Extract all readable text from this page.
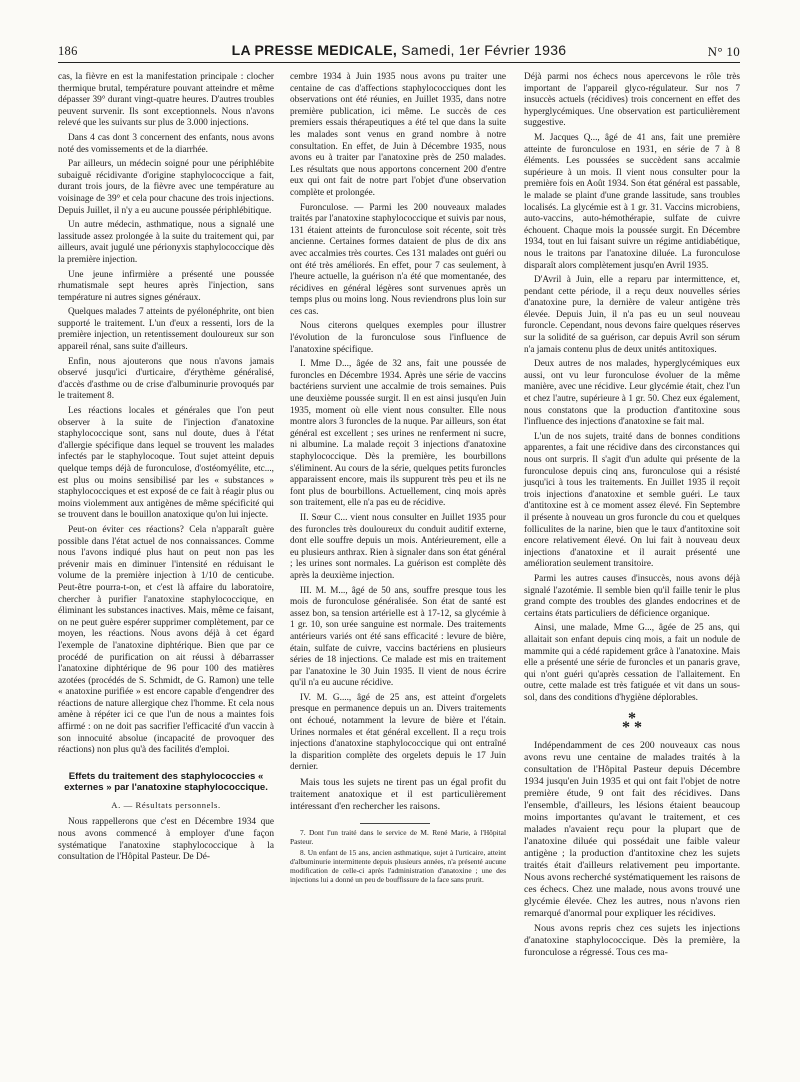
186	LA PRESSE MEDICALE, Samedi, 1er Février 1936	N° 10

cas, la fièvre en est la manifestation principale : clocher thermique brutal, température pouvant atteindre et même dépasser 39° durant vingt-quatre heures. D'autres troubles peuvent survenir. Ils sont exceptionnels. Nous n'avons relevé que les suivants sur plus de 3.000 injections.

Dans 4 cas dont 3 concernent des enfants, nous avons noté des vomissements et de la diarrhée.

Par ailleurs, un médecin soigné pour une périphlébite subaiguë récidivante d'origine staphylococcique a fait, durant trois jours, de la fièvre avec une température au voisinage de 39° et cela pour chacune des trois injections. Depuis Juillet, il n'y a eu aucune poussée périphlébitique.

Un autre médecin, asthmatique, nous a signalé une lassitude assez prolongée à la suite du traitement qui, par ailleurs, avait jugulé une périonyxis staphylococcique dès la première injection.

Une jeune infirmière a présenté une poussée rhumatismale sept heures après l'injection, sans température ni autres signes généraux.

Quelques malades 7 atteints de pyélonéphrite, ont bien supporté le traitement. L'un d'eux a ressenti, lors de la première injection, un retentissement douloureux sur son appareil rénal, sans suite d'ailleurs.

Enfin, nous ajouterons que nous n'avons jamais observé jusqu'ici d'urticaire, d'érythème généralisé, d'accès d'asthme ou de crise d'albuminurie provoqués par le traitement 8.

Les réactions locales et générales que l'on peut observer à la suite de l'injection d'anatoxine staphylococcique sont, sans nul doute, dues à l'état d'allergie spécifique dans lequel se trouvent les malades infectés par le staphylocoque. Tout sujet atteint depuis quelque temps déjà de furonculose, d'ostéomyélite, etc..., est plus ou moins sensibilisé par les « substances » staphylococciques et est exposé de ce fait à réagir plus ou moins violemment aux antigènes de même spécificité qui se trouvent dans le bouillon anatoxique qu'on lui injecte.

Peut-on éviter ces réactions? Cela n'apparaît guère possible dans l'état actuel de nos connaissances. Comme nous l'avons indiqué plus haut on peut non pas les prévenir mais en diminuer l'intensité en réduisant le volume de la première injection à 1/10 de centicube. Peut-être pourra-t-on, et c'est là affaire du laboratoire, chercher à purifier l'anatoxine staphylococcique, en éliminant les substances inactives. Mais, même ce faisant, on ne peut guère espérer supprimer complètement, par ce moyen, les réactions. Nous avons déjà à cet égard l'exemple de l'anatoxine diphtérique. Bien que par ce procédé de purification on ait réussi à débarrasser l'anatoxine diphtérique de 96 pour 100 des matières azotées (procédés de S. Schmidt, de G. Ramon) une telle « anatoxine purifiée » est encore capable d'engendrer des réactions de nature allergique chez l'homme. Et cela nous amène à répéter ici ce que l'un de nous a maintes fois affirmé : on ne doit pas sacrifier l'efficacité d'un vaccin à son innocuité absolue (incapacité de provoquer des réactions) non plus qu'à des facilités d'emploi.

Effets du traitement des staphylococcies « externes » par l'anatoxine staphylococcique.
A. — Résultats personnels.

Nous rappellerons que c'est en Décembre 1934 que nous avons commencé à employer d'une façon systématique l'anatoxine staphylococcique à la consultation de l'Hôpital Pasteur. De Dé-

cembre 1934 à Juin 1935 nous avons pu traiter une centaine de cas d'affections staphylococciques dont les observations ont été réunies, en Juillet 1935, dans notre première publication, ici même. Le succès de ces premiers essais thérapeutiques a été tel que dans la suite les malades sont venus en grand nombre à notre consultation. En effet, de Juin à Décembre 1935, nous avons eu à traiter par l'anatoxine près de 250 malades. Les résultats que nous apportons concernent 200 d'entre eux qui ont fait de notre part l'objet d'une observation complète et prolongée.

Furonculose. — Parmi les 200 nouveaux malades traités par l'anatoxine staphylococcique et suivis par nous, 131 étaient atteints de furonculose soit récente, soit très ancienne. Certaines formes dataient de plus de dix ans avec accalmies très courtes. Ces 131 malades ont guéri ou ont été très améliorés. En effet, pour 7 cas seulement, à l'heure actuelle, la guérison n'a été que momentanée, des récidives en général légères sont survenues après un temps plus ou moins long. Nous reviendrons plus loin sur ces cas.

Nous citerons quelques exemples pour illustrer l'évolution de la furonculose sous l'influence de l'anatoxine spécifique.

I. Mme D..., âgée de 32 ans, fait une poussée de furoncles en Décembre 1934. Après une série de vaccins bactériens survient une accalmie de trois semaines. Puis une deuxième poussée surgit. Il en est ainsi jusqu'en Juin 1935, moment où elle vient nous consulter. Elle nous montre alors 3 furoncles de la nuque. Par ailleurs, son état général est excellent ; ses urines ne renferment ni sucre, ni albumine. La malade reçoit 3 injections d'anatoxine staphylococcique. Dès la première, les bourbillons s'éliminent. Au cours de la série, quelques petits furoncles apparaissent encore, mais ils suppurent très peu et ils ne font plus de bourbillons. Actuellement, cinq mois après son traitement, elle n'a pas eu de récidive.

II. Sœur C... vient nous consulter en Juillet 1935 pour des furoncles très douloureux du conduit auditif externe, dont elle souffre depuis un mois. Antérieurement, elle a eu plusieurs anthrax. Rien à signaler dans son état général ; les urines sont normales. La guérison est complète dès après la deuxième injection.

III. M. M..., âgé de 50 ans, souffre presque tous les mois de furonculose généralisée. Son état de santé est assez bon, sa tension artérielle est à 17-12, sa glycémie à 1 gr. 10, son urée sanguine est normale. Des traitements antérieurs variés ont été sans efficacité : levure de bière, étain, sulfate de cuivre, vaccins bactériens en plusieurs séries de 18 injections. Ce malade est mis en traitement par l'anatoxine le 30 Juin 1935. Il vient de nous écrire qu'il n'a eu aucune récidive.

IV. M. G...., âgé de 25 ans, est atteint d'orgelets presque en permanence depuis un an. Divers traitements ont échoué, notamment la levure de bière et l'étain. Urines normales et état général excellent. Il a reçu trois injections d'anatoxine staphylococcique qui ont entraîné la disparition complète des orgelets depuis le 17 Juin dernier.

Mais tous les sujets ne tirent pas un égal profit du traitement anatoxique et il est particulièrement intéressant d'en rechercher les raisons.

7. Dont l'un traité dans le service de M. René Marie, à l'Hôpital Pasteur.

8. Un enfant de 15 ans, ancien asthmatique, sujet à l'urticaire, atteint d'albuminurie intermittente depuis plusieurs années, n'a présenté aucune modification de celle-ci après l'administration d'anatoxine ; une des injections lui a donné un peu de bouffissure de la face sans prurit.

Déjà parmi nos échecs nous apercevons le rôle très important de l'appareil glyco-régulateur. Sur nos 7 insuccès actuels (récidives) trois concernent en effet des hyperglycémiques. Une observation est particulièrement suggestive.

M. Jacques Q..., âgé de 41 ans, fait une première atteinte de furonculose en 1931, en série de 7 à 8 éléments. Les poussées se succèdent sans accalmie supérieure à un mois. Il vient nous consulter pour la première fois en Août 1934. Son état général est passable, le malade se plaint d'une grande lassitude, sans troubles localisés. La glycémie est à 1 gr. 31. Vaccins microbiens, auto-vaccins, auto-hémothérapie, sulfate de cuivre échouent. Chaque mois la poussée surgit. En Décembre 1934, tout en lui faisant suivre un régime antidiabétique, nous le traitons par l'anatoxine diluée. La furonculose disparaît alors complètement jusqu'en Avril 1935.

D'Avril à Juin, elle a reparu par intermittence, et, pendant cette période, il a reçu deux nouvelles séries d'anatoxine pure, la dernière de valeur antigène très élevée. Depuis Juin, il n'a pas eu un seul nouveau furoncle. Cependant, nous devons faire quelques réserves sur la solidité de sa guérison, car depuis Avril son sérum n'a jamais contenu plus de deux unités antitoxiques.

Deux autres de nos malades, hyperglycémiques eux aussi, ont vu leur furonculose évoluer de la même manière, avec une récidive. Leur glycémie était, chez l'un et chez l'autre, supérieure à 1 gr. 50. Chez eux également, nous constatons que la production d'antitoxine sous l'influence des injections d'anatoxine se fait mal.

L'un de nos sujets, traité dans de bonnes conditions apparentes, a fait une récidive dans des circonstances qui nous ont surpris. Il s'agit d'un adulte qui présente de la furonculose depuis cinq ans, furonculose qui a résisté jusqu'ici à tous les traitements. En Juillet 1935 il reçoit trois injections d'anatoxine et semble guéri. Le taux d'antitoxine est à ce moment assez élevé. Fin Septembre il présente à nouveau un gros furoncle du cou et quelques folliculites de la narine, bien que le taux d'antitoxine soit encore relativement élevé. On lui fait à nouveau deux injections d'anatoxine et il aurait présenté une amélioration seulement transitoire.

Parmi les autres causes d'insuccès, nous avons déjà signalé l'azotémie. Il semble bien qu'il faille tenir le plus grand compte des troubles des glandes endocrines et de certains états particuliers de déficience organique.

Ainsi, une malade, Mme G..., âgée de 25 ans, qui allaitait son enfant depuis cinq mois, a fait un nodule de mammite qui a cédé rapidement grâce à l'anatoxine. Mais elle a présenté une série de furoncles et un panaris grave, qui n'ont guéri qu'après cessation de l'allaitement. En outre, cette malade est très fatiguée et vit dans un sous-sol, dans des conditions d'hygiène déplorables.

*
* *

Indépendamment de ces 200 nouveaux cas nous avons revu une centaine de malades traités à la consultation de l'Hôpital Pasteur depuis Décembre 1934 jusqu'en Juin 1935 et qui ont fait l'objet de notre première étude, 9 ont fait des récidives. Dans l'ensemble, d'ailleurs, les lésions étaient beaucoup moins importantes qu'avant le traitement, et ces malades n'avaient reçu pour la plupart que de l'anatoxine diluée qui possédait une faible valeur antigène ; la production d'antitoxine chez les sujets traités était d'ailleurs relativement peu importante. Nous avons recherché systématiquement les raisons de ces échecs. Chez une malade, nous avons trouvé une glycémie élevée. Chez les autres, nous n'avons rien remarqué d'anormal pour expliquer les récidives.

Nous avons repris chez ces sujets les injections d'anatoxine staphylococcique. Dès la première, la furonculose a régressé. Tous ces ma-
